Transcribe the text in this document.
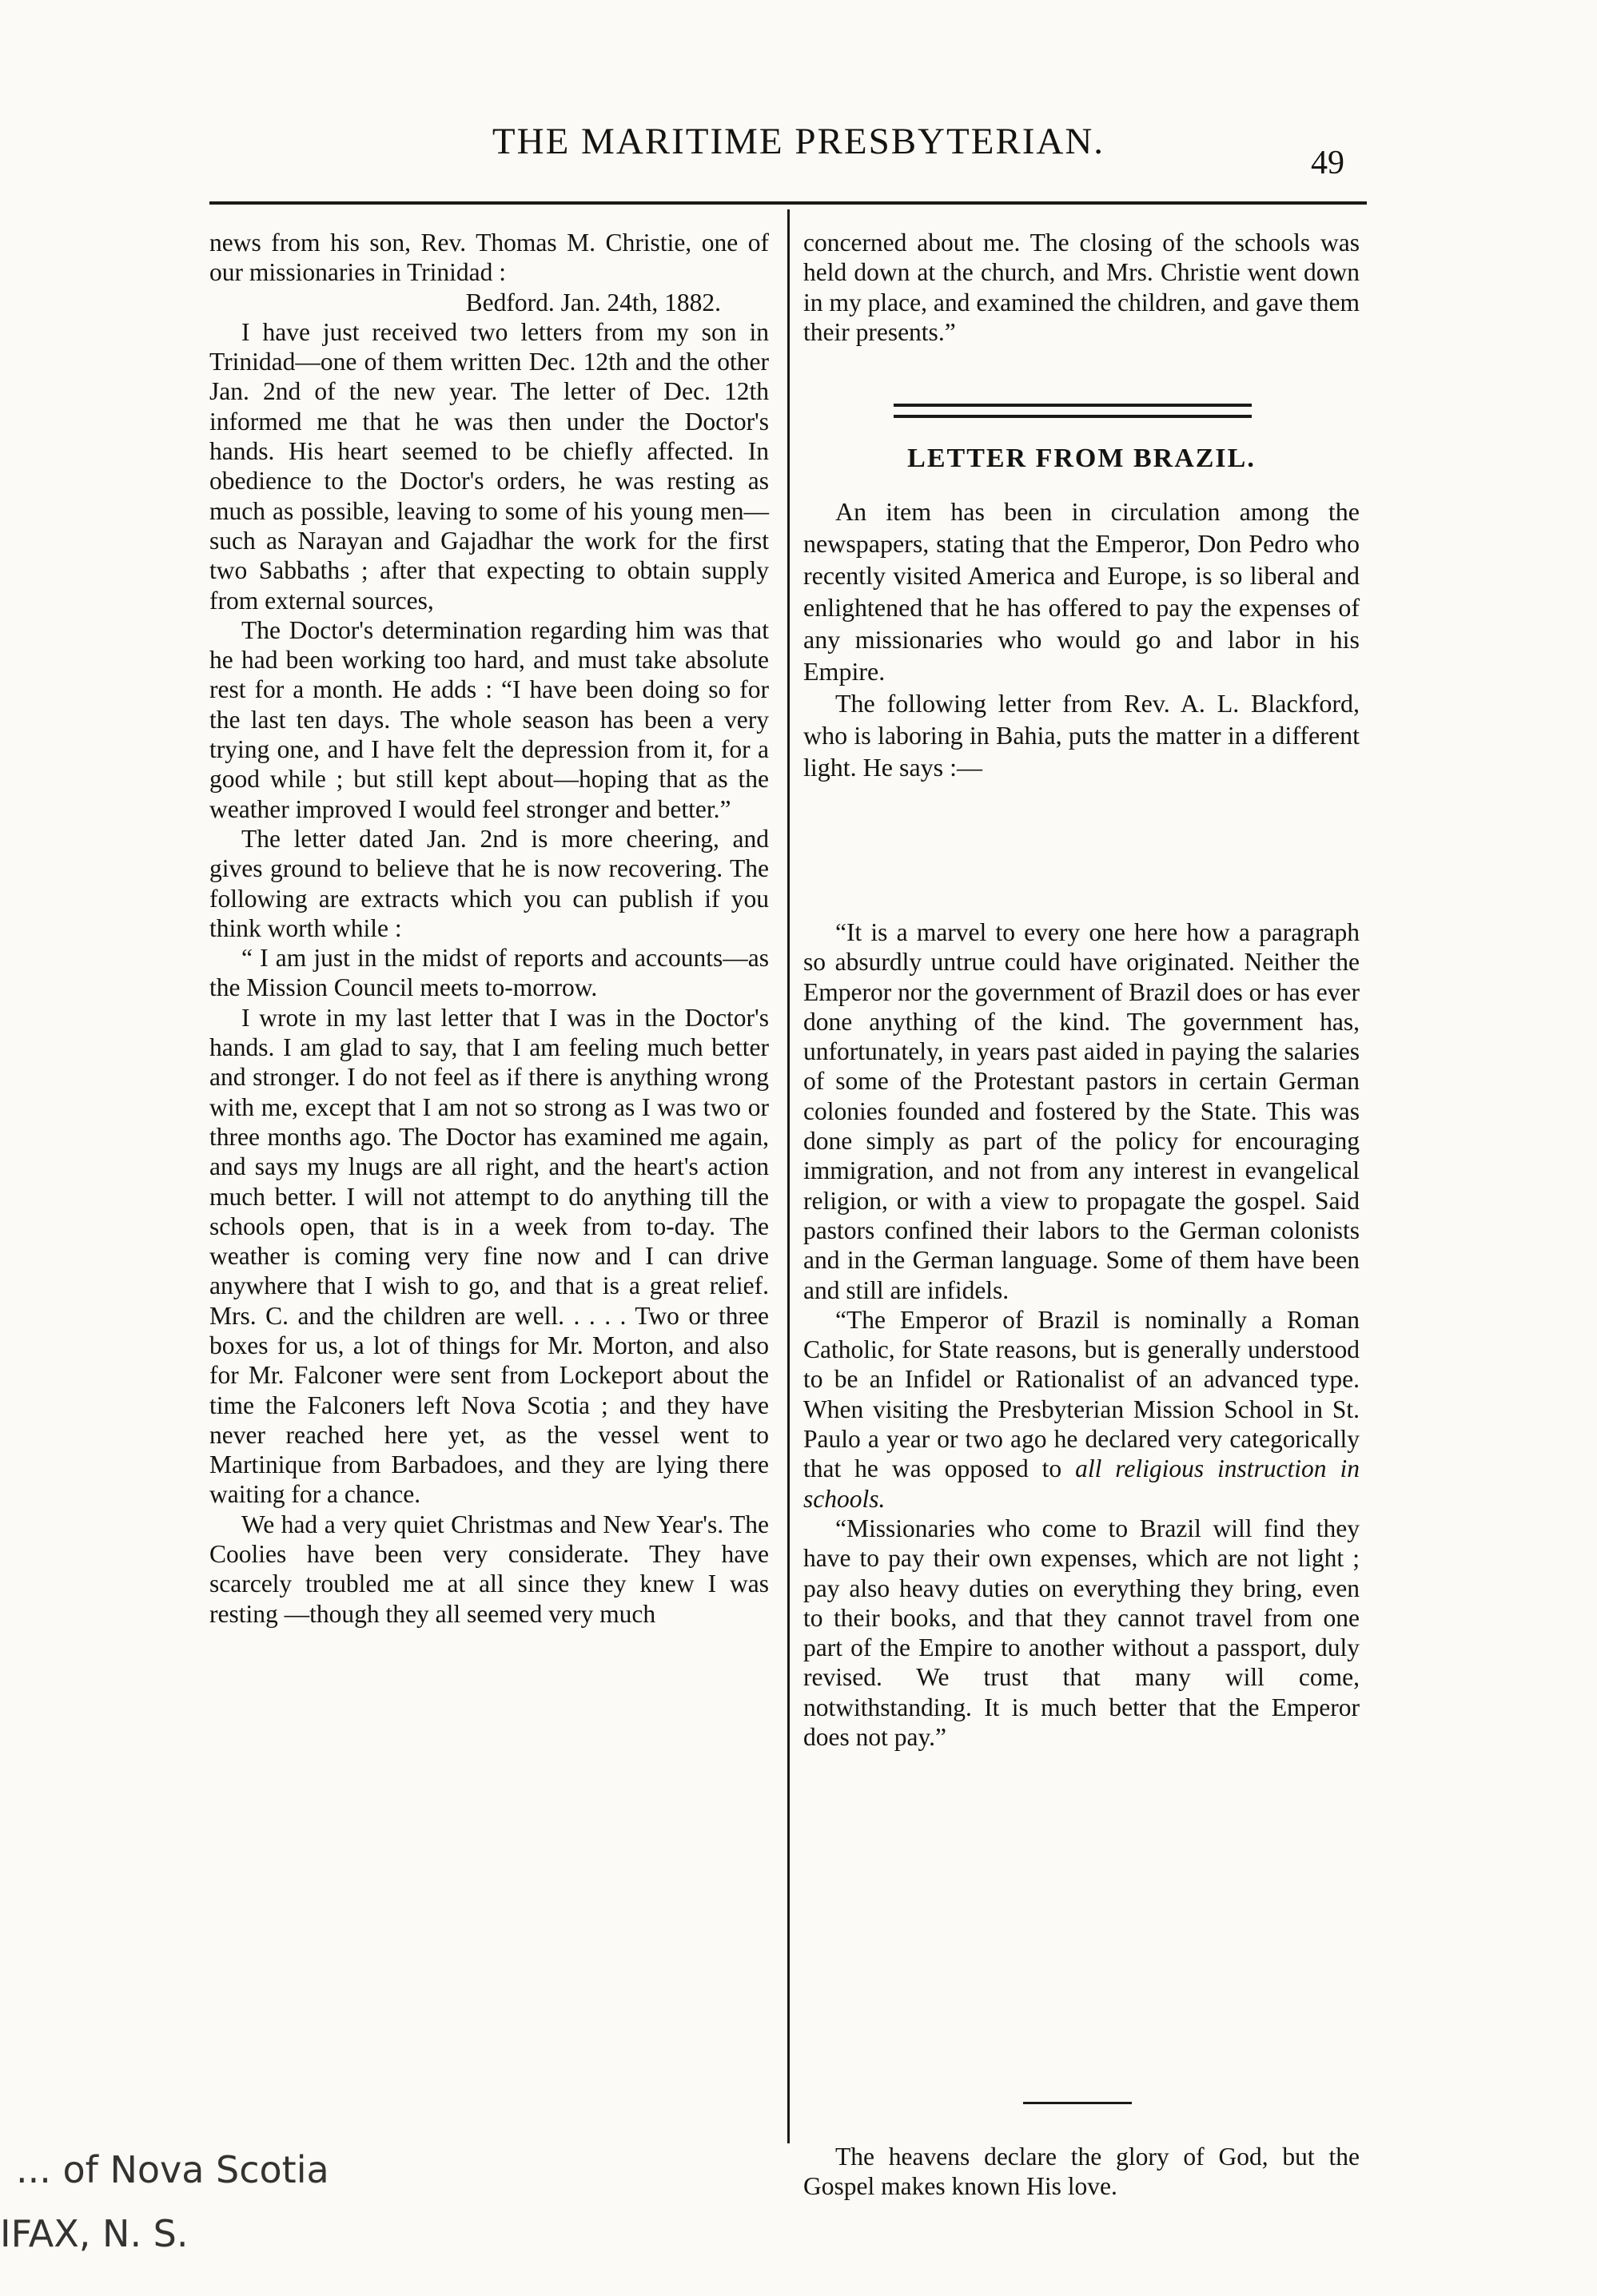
THE MARITIME PRESBYTERIAN.
49

news from his son, Rev. Thomas M. Christie, one of our missionaries in Trinidad :

Bedford. Jan. 24th, 1882.

I have just received two letters from my son in Trinidad—one of them written Dec. 12th and the other Jan. 2nd of the new year. The letter of Dec. 12th informed me that he was then under the Doctor's hands. His heart seemed to be chiefly affected. In obedience to the Doctor's orders, he was resting as much as possible, leaving to some of his young men—such as Narayan and Gajadhar the work for the first two Sabbaths ; after that expecting to obtain supply from external sources,

The Doctor's determination regarding him was that he had been working too hard, and must take absolute rest for a month. He adds : “I have been doing so for the last ten days. The whole season has been a very trying one, and I have felt the depression from it, for a good while ; but still kept about—hoping that as the weather improved I would feel stronger and better.”

The letter dated Jan. 2nd is more cheering, and gives ground to believe that he is now recovering. The following are extracts which you can publish if you think worth while :

“ I am just in the midst of reports and accounts—as the Mission Council meets to-morrow.

I wrote in my last letter that I was in the Doctor's hands. I am glad to say, that I am feeling much better and stronger. I do not feel as if there is anything wrong with me, except that I am not so strong as I was two or three months ago. The Doctor has examined me again, and says my lnugs are all right, and the heart's action much better. I will not attempt to do anything till the schools open, that is in a week from to-day. The weather is coming very fine now and I can drive anywhere that I wish to go, and that is a great relief. Mrs. C. and the children are well. . . . . Two or three boxes for us, a lot of things for Mr. Morton, and also for Mr. Falconer were sent from Lockeport about the time the Falconers left Nova Scotia ; and they have never reached here yet, as the vessel went to Martinique from Barbadoes, and they are lying there waiting for a chance.

We had a very quiet Christmas and New Year's. The Coolies have been very considerate. They have scarcely troubled me at all since they knew I was resting —though they all seemed very much

concerned about me. The closing of the schools was held down at the church, and Mrs. Christie went down in my place, and examined the children, and gave them their presents.”

LETTER FROM BRAZIL.

An item has been in circulation among the newspapers, stating that the Emperor, Don Pedro who recently visited America and Europe, is so liberal and enlightened that he has offered to pay the expenses of any missionaries who would go and labor in his Empire.

The following letter from Rev. A. L. Blackford, who is laboring in Bahia, puts the matter in a different light. He says :—

“It is a marvel to every one here how a paragraph so absurdly untrue could have originated. Neither the Emperor nor the government of Brazil does or has ever done anything of the kind. The government has, unfortunately, in years past aided in paying the salaries of some of the Protestant pastors in certain German colonies founded and fostered by the State. This was done simply as part of the policy for encouraging immigration, and not from any interest in evangelical religion, or with a view to propagate the gospel. Said pastors confined their labors to the German colonists and in the German language. Some of them have been and still are infidels.

“The Emperor of Brazil is nominally a Roman Catholic, for State reasons, but is generally understood to be an Infidel or Rationalist of an advanced type. When visiting the Presbyterian Mission School in St. Paulo a year or two ago he declared very categorically that he was opposed to all religious instruction in schools.

“Missionaries who come to Brazil will find they have to pay their own expenses, which are not light ; pay also heavy duties on everything they bring, even to their books, and that they cannot travel from one part of the Empire to another without a passport, duly revised. We trust that many will come, notwithstanding. It is much better that the Emperor does not pay.”

The heavens declare the glory of God, but the Gospel makes known His love.

... of Nova Scotia
IFAX, N. S.
